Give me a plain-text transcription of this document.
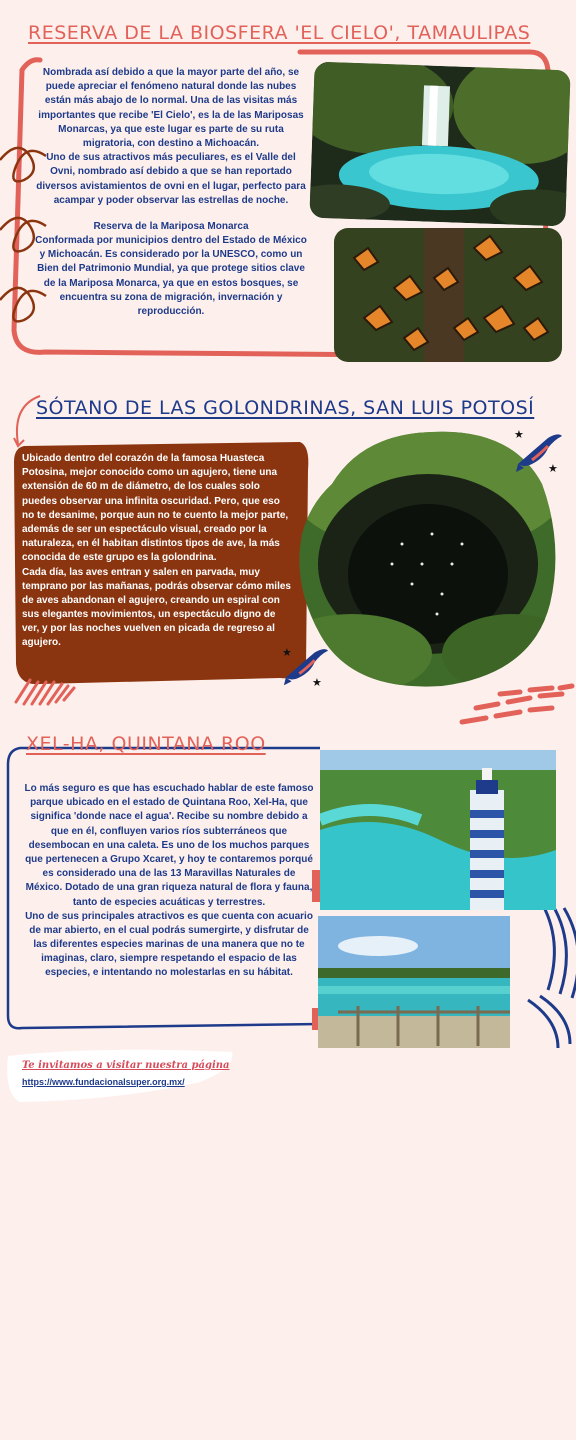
RESERVA DE LA BIOSFERA 'EL CIELO', TAMAULIPAS

Nombrada así debido a que la mayor parte del año, se puede apreciar el fenómeno natural donde las nubes están más abajo de lo normal. Una de las visitas más importantes que recibe 'El Cielo', es la de las Mariposas Monarcas, ya que este lugar es parte de su ruta migratoria, con destino a Michoacán.

Uno de sus atractivos más peculiares, es el Valle del Ovni, nombrado así debido a que se han reportado diversos avistamientos de ovni en el lugar, perfecto para acampar y poder observar las estrellas de noche.

Reserva de la Mariposa Monarca

Conformada por municipios dentro del Estado de México y Michoacán. Es considerado por la UNESCO, como un Bien del Patrimonio Mundial, ya que protege sitios clave de la Mariposa Monarca, ya que en estos bosques, se encuentra su zona de migración, invernación y reproducción.

SÓTANO DE LAS GOLONDRINAS, SAN LUIS POTOSÍ

Ubicado dentro del corazón de la famosa Huasteca Potosina, mejor conocido como un agujero, tiene una extensión de 60 m de diámetro, de los cuales solo puedes observar una infinita oscuridad. Pero, que eso no te desanime, porque aun no te cuento la mejor parte, además de ser un espectáculo visual, creado por la naturaleza, en él habitan distintos tipos de ave, la más conocida de este grupo es la golondrina.

Cada día, las aves entran y salen en parvada, muy temprano por las mañanas, podrás observar cómo miles de aves abandonan el agujero, creando un espiral con sus elegantes movimientos, un espectáculo digno de ver, y por las noches vuelven en picada de regreso al agujero.

★
★
★
★
XEL-HA, QUINTANA ROO

Lo más seguro es que has escuchado hablar de este famoso parque ubicado en el estado de Quintana Roo, Xel-Ha, que significa 'donde nace el agua'. Recibe su nombre debido a que en él, confluyen varios ríos subterráneos que desembocan en una caleta. Es uno de los muchos parques que pertenecen a Grupo Xcaret, y hoy te contaremos porqué es considerado una de las 13 Maravillas Naturales de México. Dotado de una gran riqueza natural de flora y fauna, tanto de especies acuáticas y terrestres.

Uno de sus principales atractivos es que cuenta con acuario de mar abierto, en el cual podrás sumergirte, y disfrutar de las diferentes especies marinas de una manera que no te imaginas, claro, siempre respetando el espacio de las especies, e intentando no molestarlas en su hábitat.

Te invitamos a visitar nuestra página
https://www.fundacionalsuper.org.mx/
